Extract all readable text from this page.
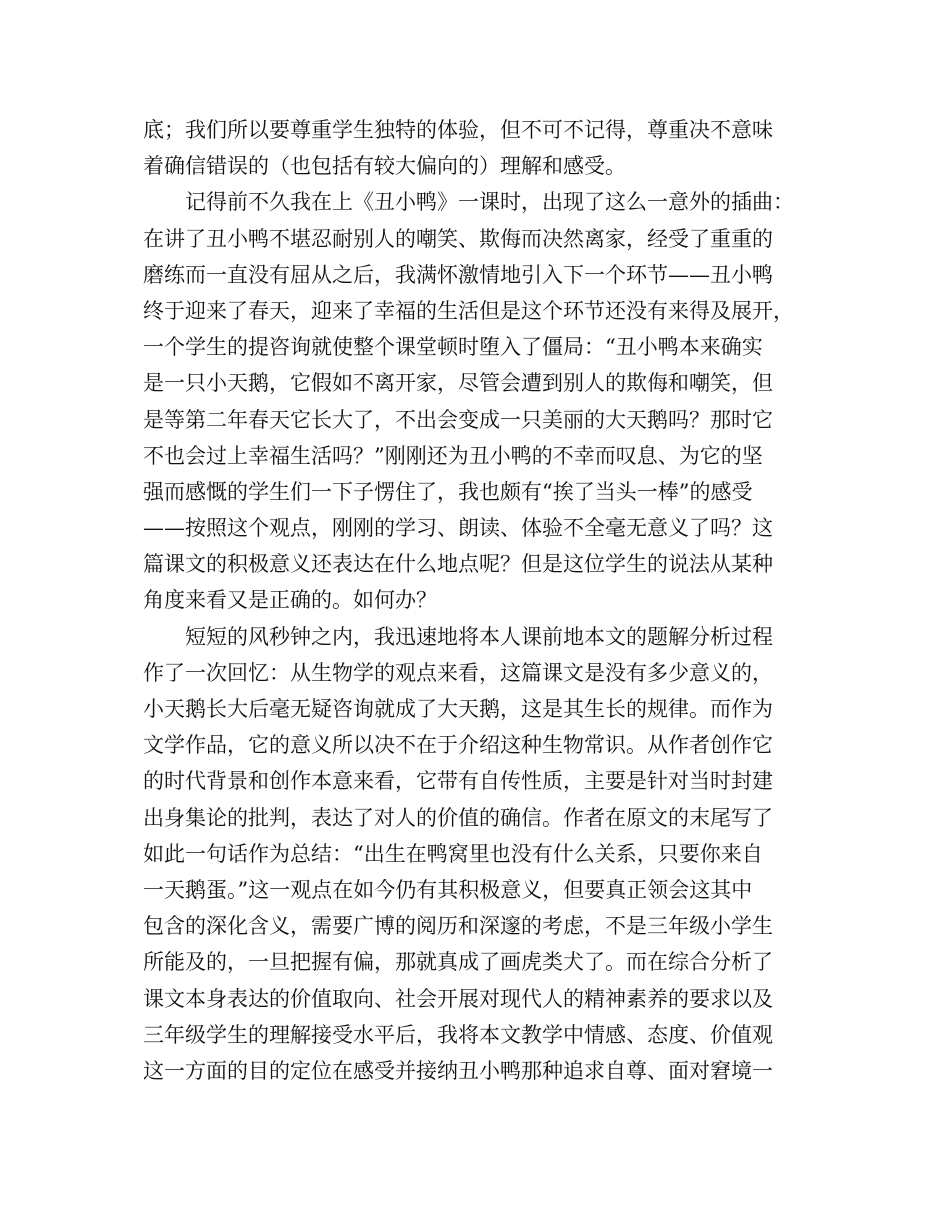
底；我们所以要尊重学生独特的体验，但不可不记得，尊重决不意味
着确信错误的（也包括有较大偏向的）理解和感受。

记得前不久我在上《丑小鸭》一课时，出现了这么一意外的插曲：
在讲了丑小鸭不堪忍耐别人的嘲笑、欺侮而决然离家，经受了重重的
磨练而一直没有屈从之后，我满怀激情地引入下一个环节——丑小鸭
终于迎来了春天，迎来了幸福的生活但是这个环节还没有来得及展开，
一个学生的提咨询就使整个课堂顿时堕入了僵局：“丑小鸭本来确实
是一只小天鹅，它假如不离开家，尽管会遭到别人的欺侮和嘲笑，但
是等第二年春天它长大了，不出会变成一只美丽的大天鹅吗？那时它
不也会过上幸福生活吗？”刚刚还为丑小鸭的不幸而叹息、为它的坚
强而感慨的学生们一下子愣住了，我也颇有“挨了当头一棒”的感受
——按照这个观点，刚刚的学习、朗读、体验不全毫无意义了吗？这
篇课文的积极意义还表达在什么地点呢？但是这位学生的说法从某种
角度来看又是正确的。如何办？

短短的风秒钟之内，我迅速地将本人课前地本文的题解分析过程
作了一次回忆：从生物学的观点来看，这篇课文是没有多少意义的，
小天鹅长大后毫无疑咨询就成了大天鹅，这是其生长的规律。而作为
文学作品，它的意义所以决不在于介绍这种生物常识。从作者创作它
的时代背景和创作本意来看，它带有自传性质，主要是针对当时封建
出身集论的批判，表达了对人的价值的确信。作者在原文的末尾写了
如此一句话作为总结：“出生在鸭窝里也没有什么关系，只要你来自
一天鹅蛋。”这一观点在如今仍有其积极意义，但要真正领会这其中
包含的深化含义，需要广博的阅历和深邃的考虑，不是三年级小学生
所能及的，一旦把握有偏，那就真成了画虎类犬了。而在综合分析了
课文本身表达的价值取向、社会开展对现代人的精神素养的要求以及
三年级学生的理解接受水平后，我将本文教学中情感、态度、价值观
这一方面的目的定位在感受并接纳丑小鸭那种追求自尊、面对窘境一
